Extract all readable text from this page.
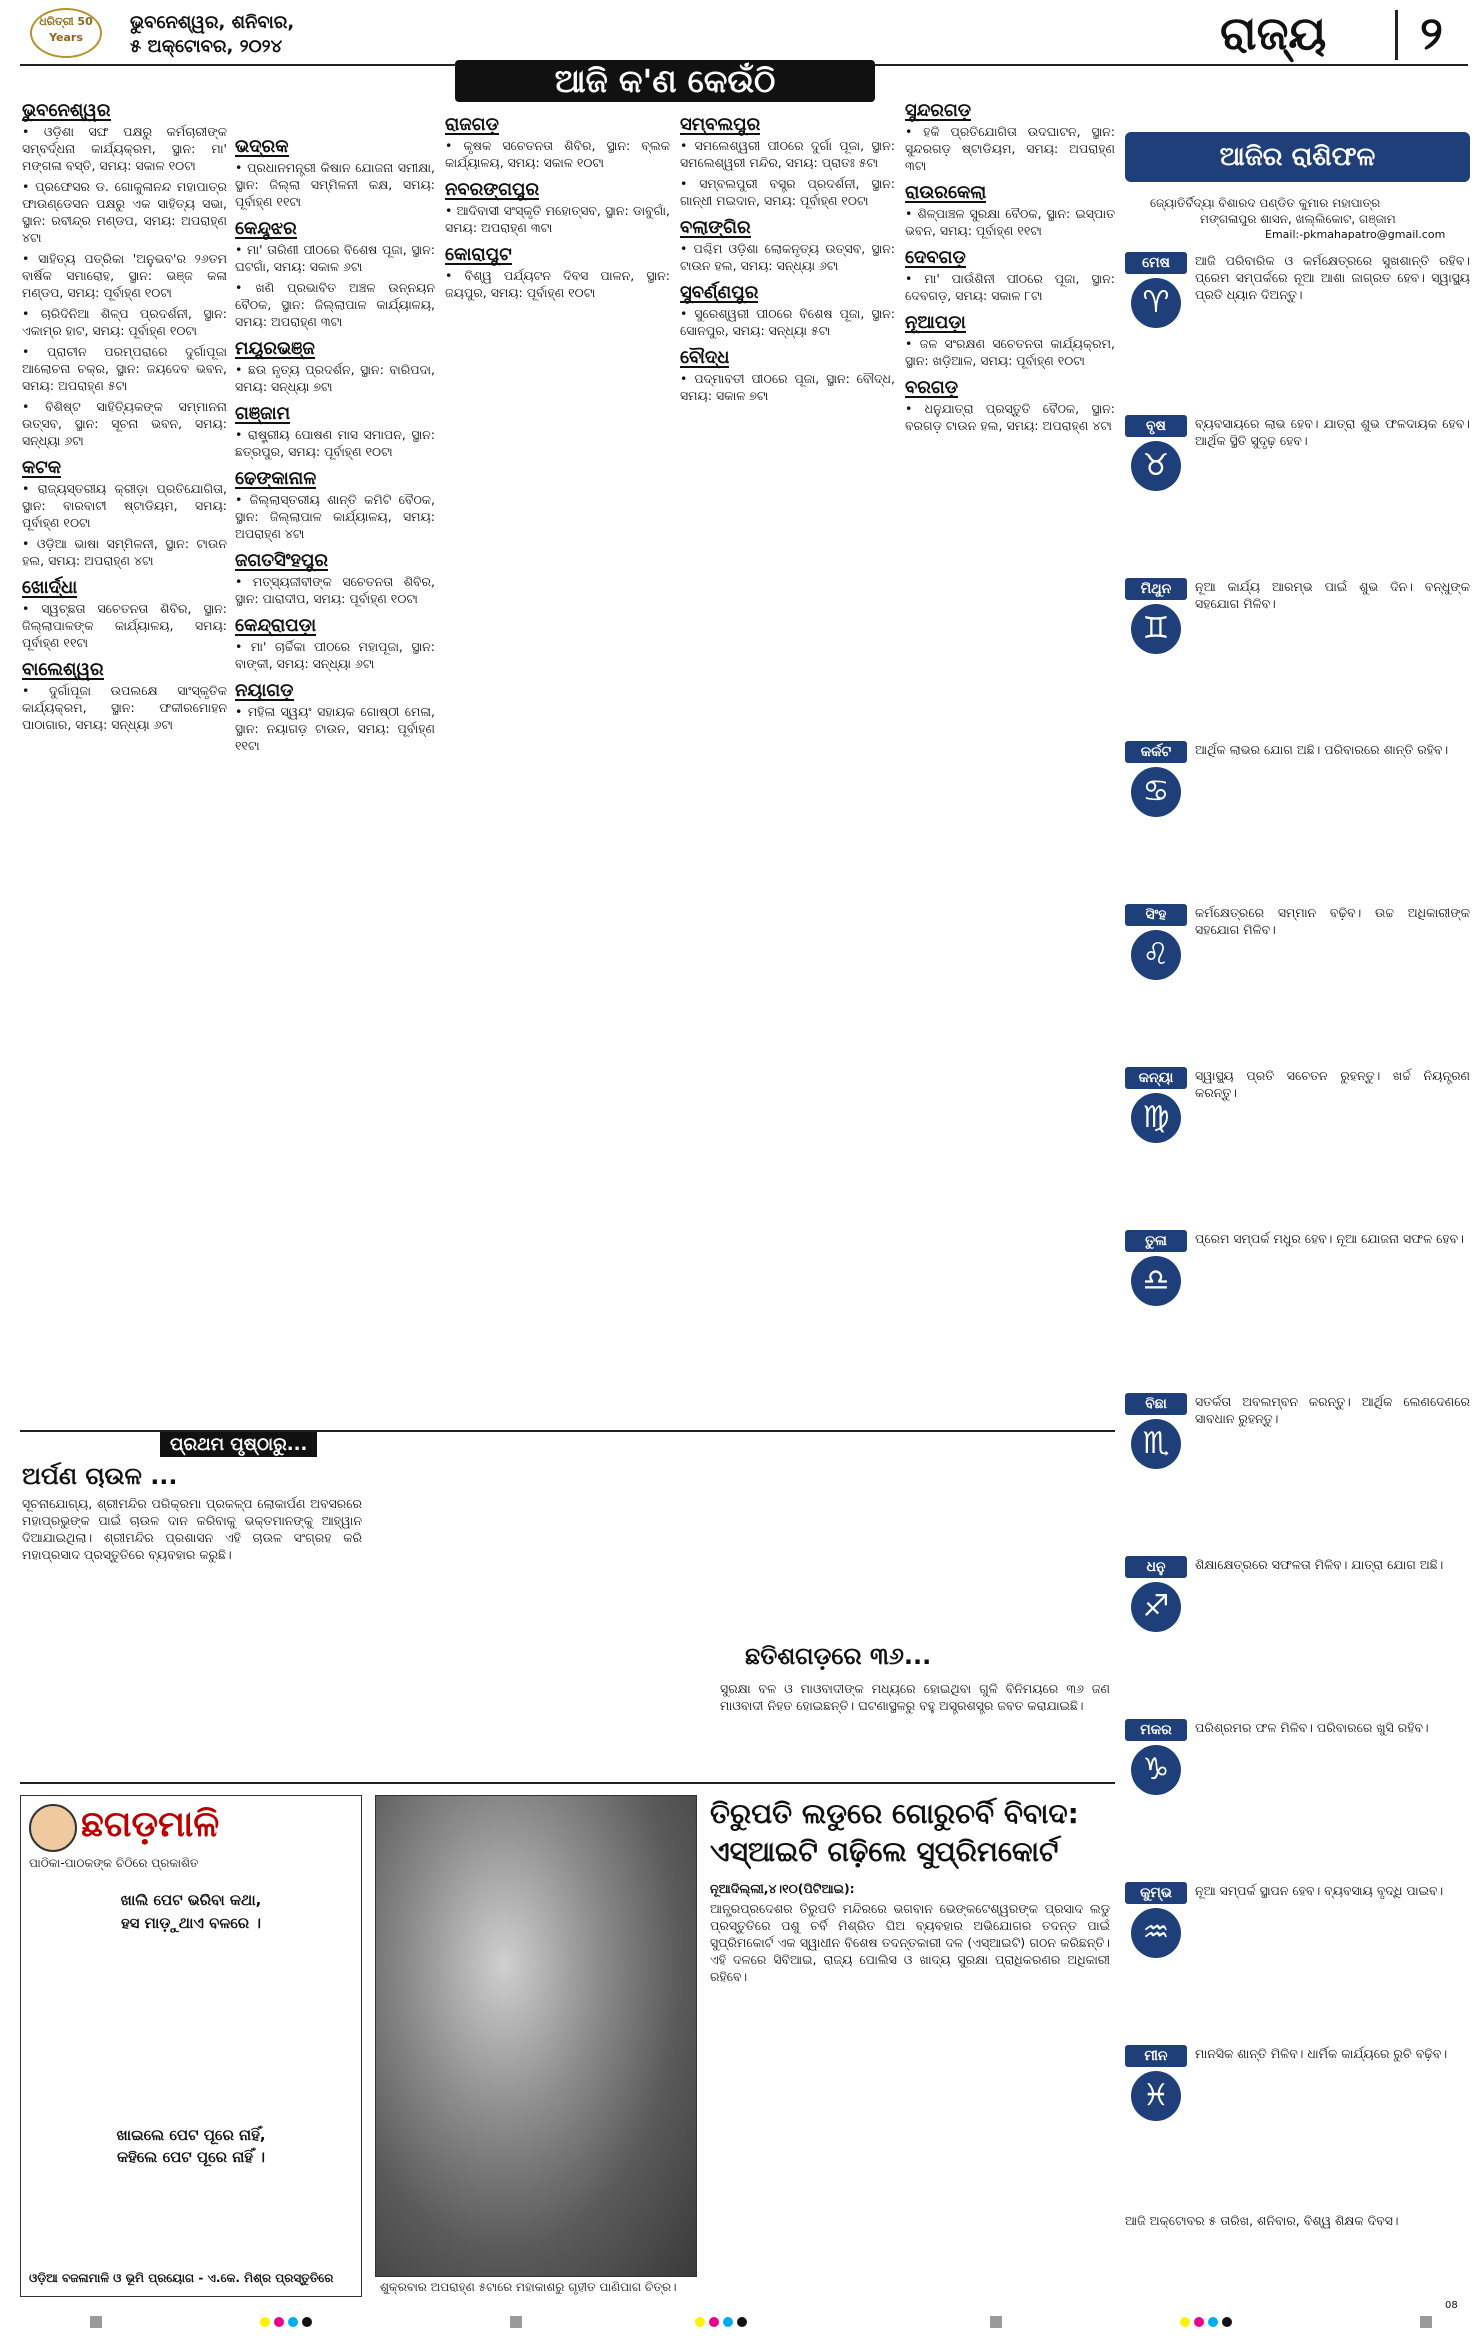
ଧରିତ୍ରୀ 50 Years
ଭୁବନେଶ୍ୱର, ଶନିବାର,
୫ ଅକ୍ଟୋବର, ୨୦୨୪	ରାଜ୍ୟ ୨
ଆଜି କ'ଣ କେଉଁଠି
ଭୁବନେଶ୍ୱର
• ଓଡ଼ିଶା ସଙ୍ଘ ପକ୍ଷରୁ କର୍ମଚାରୀଙ୍କ ସମ୍ବର୍ଦ୍ଧନା କାର୍ଯ୍ୟକ୍ରମ, ସ୍ଥାନ: ମା' ମଙ୍ଗଳା ବସ୍ତି, ସମୟ: ସକାଳ ୧୦ଟା
• ପ୍ରଫେସର ଡ. ଗୋକୁଳାନନ୍ଦ ମହାପାତ୍ର ଫାଉଣ୍ଡେସନ ପକ୍ଷରୁ ଏକ ସାହିତ୍ୟ ସଭା, ସ୍ଥାନ: ରବୀନ୍ଦ୍ର ମଣ୍ଡପ, ସମୟ: ଅପରାହ୍ଣ ୪ଟା
• ସାହିତ୍ୟ ପତ୍ରିକା 'ଅନୁଭବ'ର ୨୬ତମ ବାର୍ଷିକ ସମାରୋହ, ସ୍ଥାନ: ଭଞ୍ଜ କଳା ମଣ୍ଡପ, ସମୟ: ପୂର୍ବାହ୍ଣ ୧୦ଟା
• ଚାରିଦିନିଆ ଶିଳ୍ପ ପ୍ରଦର୍ଶନୀ, ସ୍ଥାନ: ଏକାମ୍ର ହାଟ, ସମୟ: ପୂର୍ବାହ୍ଣ ୧୦ଟା
• ପ୍ରାଚୀନ ପରମ୍ପରାରେ ଦୁର୍ଗାପୂଜା ଆଲୋଚନା ଚକ୍ର, ସ୍ଥାନ: ଜୟଦେବ ଭବନ, ସମୟ: ଅପରାହ୍ଣ ୫ଟା
• ବିଶିଷ୍ଟ ସାହିତ୍ୟିକଙ୍କ ସମ୍ମାନନା ଉତ୍ସବ, ସ୍ଥାନ: ସୂଚନା ଭବନ, ସମୟ: ସନ୍ଧ୍ୟା ୬ଟା
କଟକ
• ରାଜ୍ୟସ୍ତରୀୟ କ୍ରୀଡ଼ା ପ୍ରତିଯୋଗିତା, ସ୍ଥାନ: ବାରବାଟୀ ଷ୍ଟାଡିୟମ, ସମୟ: ପୂର୍ବାହ୍ଣ ୧୦ଟା
• ଓଡ଼ିଆ ଭାଷା ସମ୍ମିଳନୀ, ସ୍ଥାନ: ଟାଉନ ହଲ, ସମୟ: ଅପରାହ୍ଣ ୪ଟା
ଖୋର୍ଦ୍ଧା
• ସ୍ୱଚ୍ଛତା ସଚେତନତା ଶିବିର, ସ୍ଥାନ: ଜିଲ୍ଲାପାଳଙ୍କ କାର୍ଯ୍ୟାଳୟ, ସମୟ: ପୂର୍ବାହ୍ଣ ୧୧ଟା
ବାଲେଶ୍ୱର
• ଦୁର୍ଗାପୂଜା ଉପଲକ୍ଷେ ସାଂସ୍କୃତିକ କାର୍ଯ୍ୟକ୍ରମ, ସ୍ଥାନ: ଫକୀରମୋହନ ପାଠାଗାର, ସମୟ: ସନ୍ଧ୍ୟା ୬ଟା
ଭଦ୍ରକ
• ପ୍ରଧାନମନ୍ତ୍ରୀ କିଷାନ ଯୋଜନା ସମୀକ୍ଷା, ସ୍ଥାନ: ଜିଲ୍ଲା ସମ୍ମିଳନୀ କକ୍ଷ, ସମୟ: ପୂର୍ବାହ୍ଣ ୧୧ଟା
କେନ୍ଦୁଝର
• ମା' ତାରିଣୀ ପୀଠରେ ବିଶେଷ ପୂଜା, ସ୍ଥାନ: ଘଟଗାଁ, ସମୟ: ସକାଳ ୬ଟା
• ଖଣି ପ୍ରଭାବିତ ଅଞ୍ଚଳ ଉନ୍ନୟନ ବୈଠକ, ସ୍ଥାନ: ଜିଲ୍ଲାପାଳ କାର୍ଯ୍ୟାଳୟ, ସମୟ: ଅପରାହ୍ଣ ୩ଟା
ମୟୂରଭଞ୍ଜ
• ଛଉ ନୃତ୍ୟ ପ୍ରଦର୍ଶନ, ସ୍ଥାନ: ବାରିପଦା, ସମୟ: ସନ୍ଧ୍ୟା ୭ଟା
ଗଞ୍ଜାମ
• ରାଷ୍ଟ୍ରୀୟ ପୋଷଣ ମାସ ସମାପନ, ସ୍ଥାନ: ଛତ୍ରପୁର, ସମୟ: ପୂର୍ବାହ୍ଣ ୧୦ଟା
ଢେଙ୍କାନାଳ
• ଜିଲ୍ଲାସ୍ତରୀୟ ଶାନ୍ତି କମିଟି ବୈଠକ, ସ୍ଥାନ: ଜିଲ୍ଲାପାଳ କାର୍ଯ୍ୟାଳୟ, ସମୟ: ଅପରାହ୍ଣ ୪ଟା
ଜଗତସିଂହପୁର
• ମତ୍ସ୍ୟଜୀବୀଙ୍କ ସଚେତନତା ଶିବିର, ସ୍ଥାନ: ପାରାଦୀପ, ସମୟ: ପୂର୍ବାହ୍ଣ ୧୦ଟା
କେନ୍ଦ୍ରାପଡ଼ା
• ମା' ଚାର୍ଚ୍ଚିକା ପୀଠରେ ମହାପୂଜା, ସ୍ଥାନ: ବାଙ୍କୀ, ସମୟ: ସନ୍ଧ୍ୟା ୬ଟା
ନୟାଗଡ଼
• ମହିଳା ସ୍ୱୟଂ ସହାୟକ ଗୋଷ୍ଠୀ ମେଳା, ସ୍ଥାନ: ନୟାଗଡ଼ ଟାଉନ, ସମୟ: ପୂର୍ବାହ୍ଣ ୧୧ଟା
ରାଜଗଡ଼
• କୃଷକ ସଚେତନତା ଶିବିର, ସ୍ଥାନ: ବ୍ଲକ କାର୍ଯ୍ୟାଳୟ, ସମୟ: ସକାଳ ୧୦ଟା
ନବରଙ୍ଗପୁର
• ଆଦିବାସୀ ସଂସ୍କୃତି ମହୋତ୍ସବ, ସ୍ଥାନ: ଡାବୁଗାଁ, ସମୟ: ଅପରାହ୍ଣ ୩ଟା
କୋରାପୁଟ
• ବିଶ୍ୱ ପର୍ଯ୍ୟଟନ ଦିବସ ପାଳନ, ସ୍ଥାନ: ଜୟପୁର, ସମୟ: ପୂର୍ବାହ୍ଣ ୧୦ଟା
ସମ୍ବଲପୁର
• ସମଲେଶ୍ୱରୀ ପୀଠରେ ଦୁର୍ଗା ପୂଜା, ସ୍ଥାନ: ସମଲେଶ୍ୱରୀ ମନ୍ଦିର, ସମୟ: ପ୍ରାତଃ ୫ଟା
• ସମ୍ବଲପୁରୀ ବସ୍ତ୍ର ପ୍ରଦର୍ଶନୀ, ସ୍ଥାନ: ଗାନ୍ଧୀ ମଇଦାନ, ସମୟ: ପୂର୍ବାହ୍ଣ ୧୦ଟା
ବଲାଙ୍ଗିର
• ପଶ୍ଚିମ ଓଡ଼ିଶା ଲୋକନୃତ୍ୟ ଉତ୍ସବ, ସ୍ଥାନ: ଟାଉନ ହଲ, ସମୟ: ସନ୍ଧ୍ୟା ୬ଟା
ସୁବର୍ଣ୍ଣପୁର
• ସୁରେଶ୍ୱରୀ ପୀଠରେ ବିଶେଷ ପୂଜା, ସ୍ଥାନ: ସୋନପୁର, ସମୟ: ସନ୍ଧ୍ୟା ୫ଟା
ବୌଦ୍ଧ
• ପଦ୍ମାବତୀ ପୀଠରେ ପୂଜା, ସ୍ଥାନ: ବୌଦ୍ଧ, ସମୟ: ସକାଳ ୭ଟା
ସୁନ୍ଦରଗଡ଼
• ହକି ପ୍ରତିଯୋଗିତା ଉଦଘାଟନ, ସ୍ଥାନ: ସୁନ୍ଦରଗଡ଼ ଷ୍ଟାଡିୟମ, ସମୟ: ଅପରାହ୍ଣ ୩ଟା
ରାଉରକେଲା
• ଶିଳ୍ପାଞ୍ଚଳ ସୁରକ୍ଷା ବୈଠକ, ସ୍ଥାନ: ଇସ୍ପାତ ଭବନ, ସମୟ: ପୂର୍ବାହ୍ଣ ୧୧ଟା
ଦେବଗଡ଼
• ମା' ପାଉଁଶିନୀ ପୀଠରେ ପୂଜା, ସ୍ଥାନ: ଦେବଗଡ଼, ସମୟ: ସକାଳ ୮ଟା
ନୂଆପଡ଼ା
• ଜଳ ସଂରକ୍ଷଣ ସଚେତନତା କାର୍ଯ୍ୟକ୍ରମ, ସ୍ଥାନ: ଖଡ଼ିଆଳ, ସମୟ: ପୂର୍ବାହ୍ଣ ୧୦ଟା
ବରଗଡ଼
• ଧନୁଯାତ୍ରା ପ୍ରସ୍ତୁତି ବୈଠକ, ସ୍ଥାନ: ବରଗଡ଼ ଟାଉନ ହଲ, ସମୟ: ଅପରାହ୍ଣ ୪ଟା
ପ୍ରଥମ ପୃଷ୍ଠାରୁ...
ଅର୍ପଣ ଚାଉଳ ...
ସୂଚନାଯୋଗ୍ୟ, ଶ୍ରୀମନ୍ଦିର ପରିକ୍ରମା ପ୍ରକଳ୍ପ ଲୋକାର୍ପଣ ଅବସରରେ ମହାପ୍ରଭୁଙ୍କ ପାଇଁ ଚାଉଳ ଦାନ କରିବାକୁ ଭକ୍ତମାନଙ୍କୁ ଆହ୍ୱାନ ଦିଆଯାଇଥିଲା। ଶ୍ରୀମନ୍ଦିର ପ୍ରଶାସନ ଏହି ଚାଉଳ ସଂଗ୍ରହ କରି ମହାପ୍ରସାଦ ପ୍ରସ୍ତୁତିରେ ବ୍ୟବହାର କରୁଛି।
ଛତିଶଗଡ଼ରେ ୩୬...
ସୁରକ୍ଷା ବଳ ଓ ମାଓବାଦୀଙ୍କ ମଧ୍ୟରେ ହୋଇଥିବା ଗୁଳି ବିନିମୟରେ ୩୬ ଜଣ ମାଓବାଦୀ ନିହତ ହୋଇଛନ୍ତି। ଘଟଣାସ୍ଥଳରୁ ବହୁ ଅସ୍ତ୍ରଶସ୍ତ୍ର ଜବତ କରାଯାଇଛି।
ଛଗଡ଼ମାଳି
ପାଠିକା-ପାଠକଙ୍କ ଚିଠିରେ ପ୍ରକାଶିତ
ଖାଲି ପେଟ ଭରିବା କଥା,
ହସ ମାଡ଼ୁଥାଏ ବଳରେ ।
ଖାଇଲେ ପେଟ ପୂରେ ନାହିଁ,
କହିଲେ ପେଟ ପୂରେ ନାହିଁ ।
ଓଡ଼ିଆ ବଜଳାମାଳି ଓ ଭୂମି ପ୍ରୟୋଗ - ଏ.କେ. ମିଶ୍ର ପ୍ରସ୍ତୁତିରେ
ଶୁକ୍ରବାର ଅପରାହ୍ଣ ୫ଟାରେ ମହାକାଶରୁ ଗୃହୀତ ପାଣିପାଗ ଚିତ୍ର।
ତିରୁପତି ଲଡୁରେ ଗୋରୁଚର୍ବି ବିବାଦ: ଏସ୍‌ଆଇଟି ଗଢ଼ିଲେ ସୁପ୍ରିମକୋର୍ଟ
ନୂଆଦିଲ୍ଲୀ,୪।୧୦(ପିଟିଆଇ):
ଆନ୍ଧ୍ରପ୍ରଦେଶର ତିରୁପତି ମନ୍ଦିରରେ ଭଗବାନ ଭେଙ୍କଟେଶ୍ୱରଙ୍କ ପ୍ରସାଦ ଲଡୁ ପ୍ରସ୍ତୁତିରେ ପଶୁ ଚର୍ବି ମିଶ୍ରିତ ଘିଅ ବ୍ୟବହାର ଅଭିଯୋଗର ତଦନ୍ତ ପାଇଁ ସୁପ୍ରିମକୋର୍ଟ ଏକ ସ୍ୱାଧୀନ ବିଶେଷ ତଦନ୍ତକାରୀ ଦଳ (ଏସ୍‌ଆଇଟି) ଗଠନ କରିଛନ୍ତି। ଏହି ଦଳରେ ସିବିଆଇ, ରାଜ୍ୟ ପୋଲିସ ଓ ଖାଦ୍ୟ ସୁରକ୍ଷା ପ୍ରାଧିକରଣର ଅଧିକାରୀ ରହିବେ।
ଆଜିର ରାଶିଫଳ
ଜ୍ୟୋତିର୍ବିଦ୍ୟା ବିଶାରଦ ପଣ୍ଡିତ କୁମାର ମହାପାତ୍ର
ମଙ୍ଗଳାପୁର ଶାସନ, ଖଲ୍ଲିକୋଟ, ଗଞ୍ଜାମ
Email:-pkmahapatro@gmail.com
ମେଷ
♈
ଆଜି ପରିବାରିକ ଓ କର୍ମକ୍ଷେତ୍ରରେ ସୁଖଶାନ୍ତି ରହିବ। ପ୍ରେମ ସମ୍ପର୍କରେ ନୂଆ ଆଶା ଜାଗ୍ରତ ହେବ। ସ୍ୱାସ୍ଥ୍ୟ ପ୍ରତି ଧ୍ୟାନ ଦିଅନ୍ତୁ।
ବୃଷ
♉
ବ୍ୟବସାୟରେ ଲାଭ ହେବ। ଯାତ୍ରା ଶୁଭ ଫଳଦାୟକ ହେବ। ଆର୍ଥିକ ସ୍ଥିତି ସୁଦୃଢ଼ ହେବ।
ମିଥୁନ
♊
ନୂଆ କାର୍ଯ୍ୟ ଆରମ୍ଭ ପାଇଁ ଶୁଭ ଦିନ। ବନ୍ଧୁଙ୍କ ସହଯୋଗ ମିଳିବ।
କର୍କଟ
♋
ଆର୍ଥିକ ଲାଭର ଯୋଗ ଅଛି। ପରିବାରରେ ଶାନ୍ତି ରହିବ।
ସିଂହ
♌
କର୍ମକ୍ଷେତ୍ରରେ ସମ୍ମାନ ବଢ଼ିବ। ଉଚ୍ଚ ଅଧିକାରୀଙ୍କ ସହଯୋଗ ମିଳିବ।
କନ୍ୟା
♍
ସ୍ୱାସ୍ଥ୍ୟ ପ୍ରତି ସଚେତନ ରୁହନ୍ତୁ। ଖର୍ଚ୍ଚ ନିୟନ୍ତ୍ରଣ କରନ୍ତୁ।
ତୁଳା
♎
ପ୍ରେମ ସମ୍ପର୍କ ମଧୁର ହେବ। ନୂଆ ଯୋଜନା ସଫଳ ହେବ।
ବିଛା
♏
ସତର୍କତା ଅବଲମ୍ବନ କରନ୍ତୁ। ଆର୍ଥିକ ଲେଣଦେଣରେ ସାବଧାନ ରୁହନ୍ତୁ।
ଧନୁ
♐
ଶିକ୍ଷାକ୍ଷେତ୍ରରେ ସଫଳତା ମିଳିବ। ଯାତ୍ରା ଯୋଗ ଅଛି।
ମକର
♑
ପରିଶ୍ରମର ଫଳ ମିଳିବ। ପରିବାରରେ ଖୁସି ରହିବ।
କୁମ୍ଭ
♒
ନୂଆ ସମ୍ପର୍କ ସ୍ଥାପନ ହେବ। ବ୍ୟବସାୟ ବୃଦ୍ଧି ପାଇବ।
ମୀନ
♓
ମାନସିକ ଶାନ୍ତି ମିଳିବ। ଧାର୍ମିକ କାର୍ଯ୍ୟରେ ରୁଚି ବଢ଼ିବ।
ଆଜି ଅକ୍ଟୋବର ୫ ତାରିଖ, ଶନିବାର, ବିଶ୍ୱ ଶିକ୍ଷକ ଦିବସ।
08
